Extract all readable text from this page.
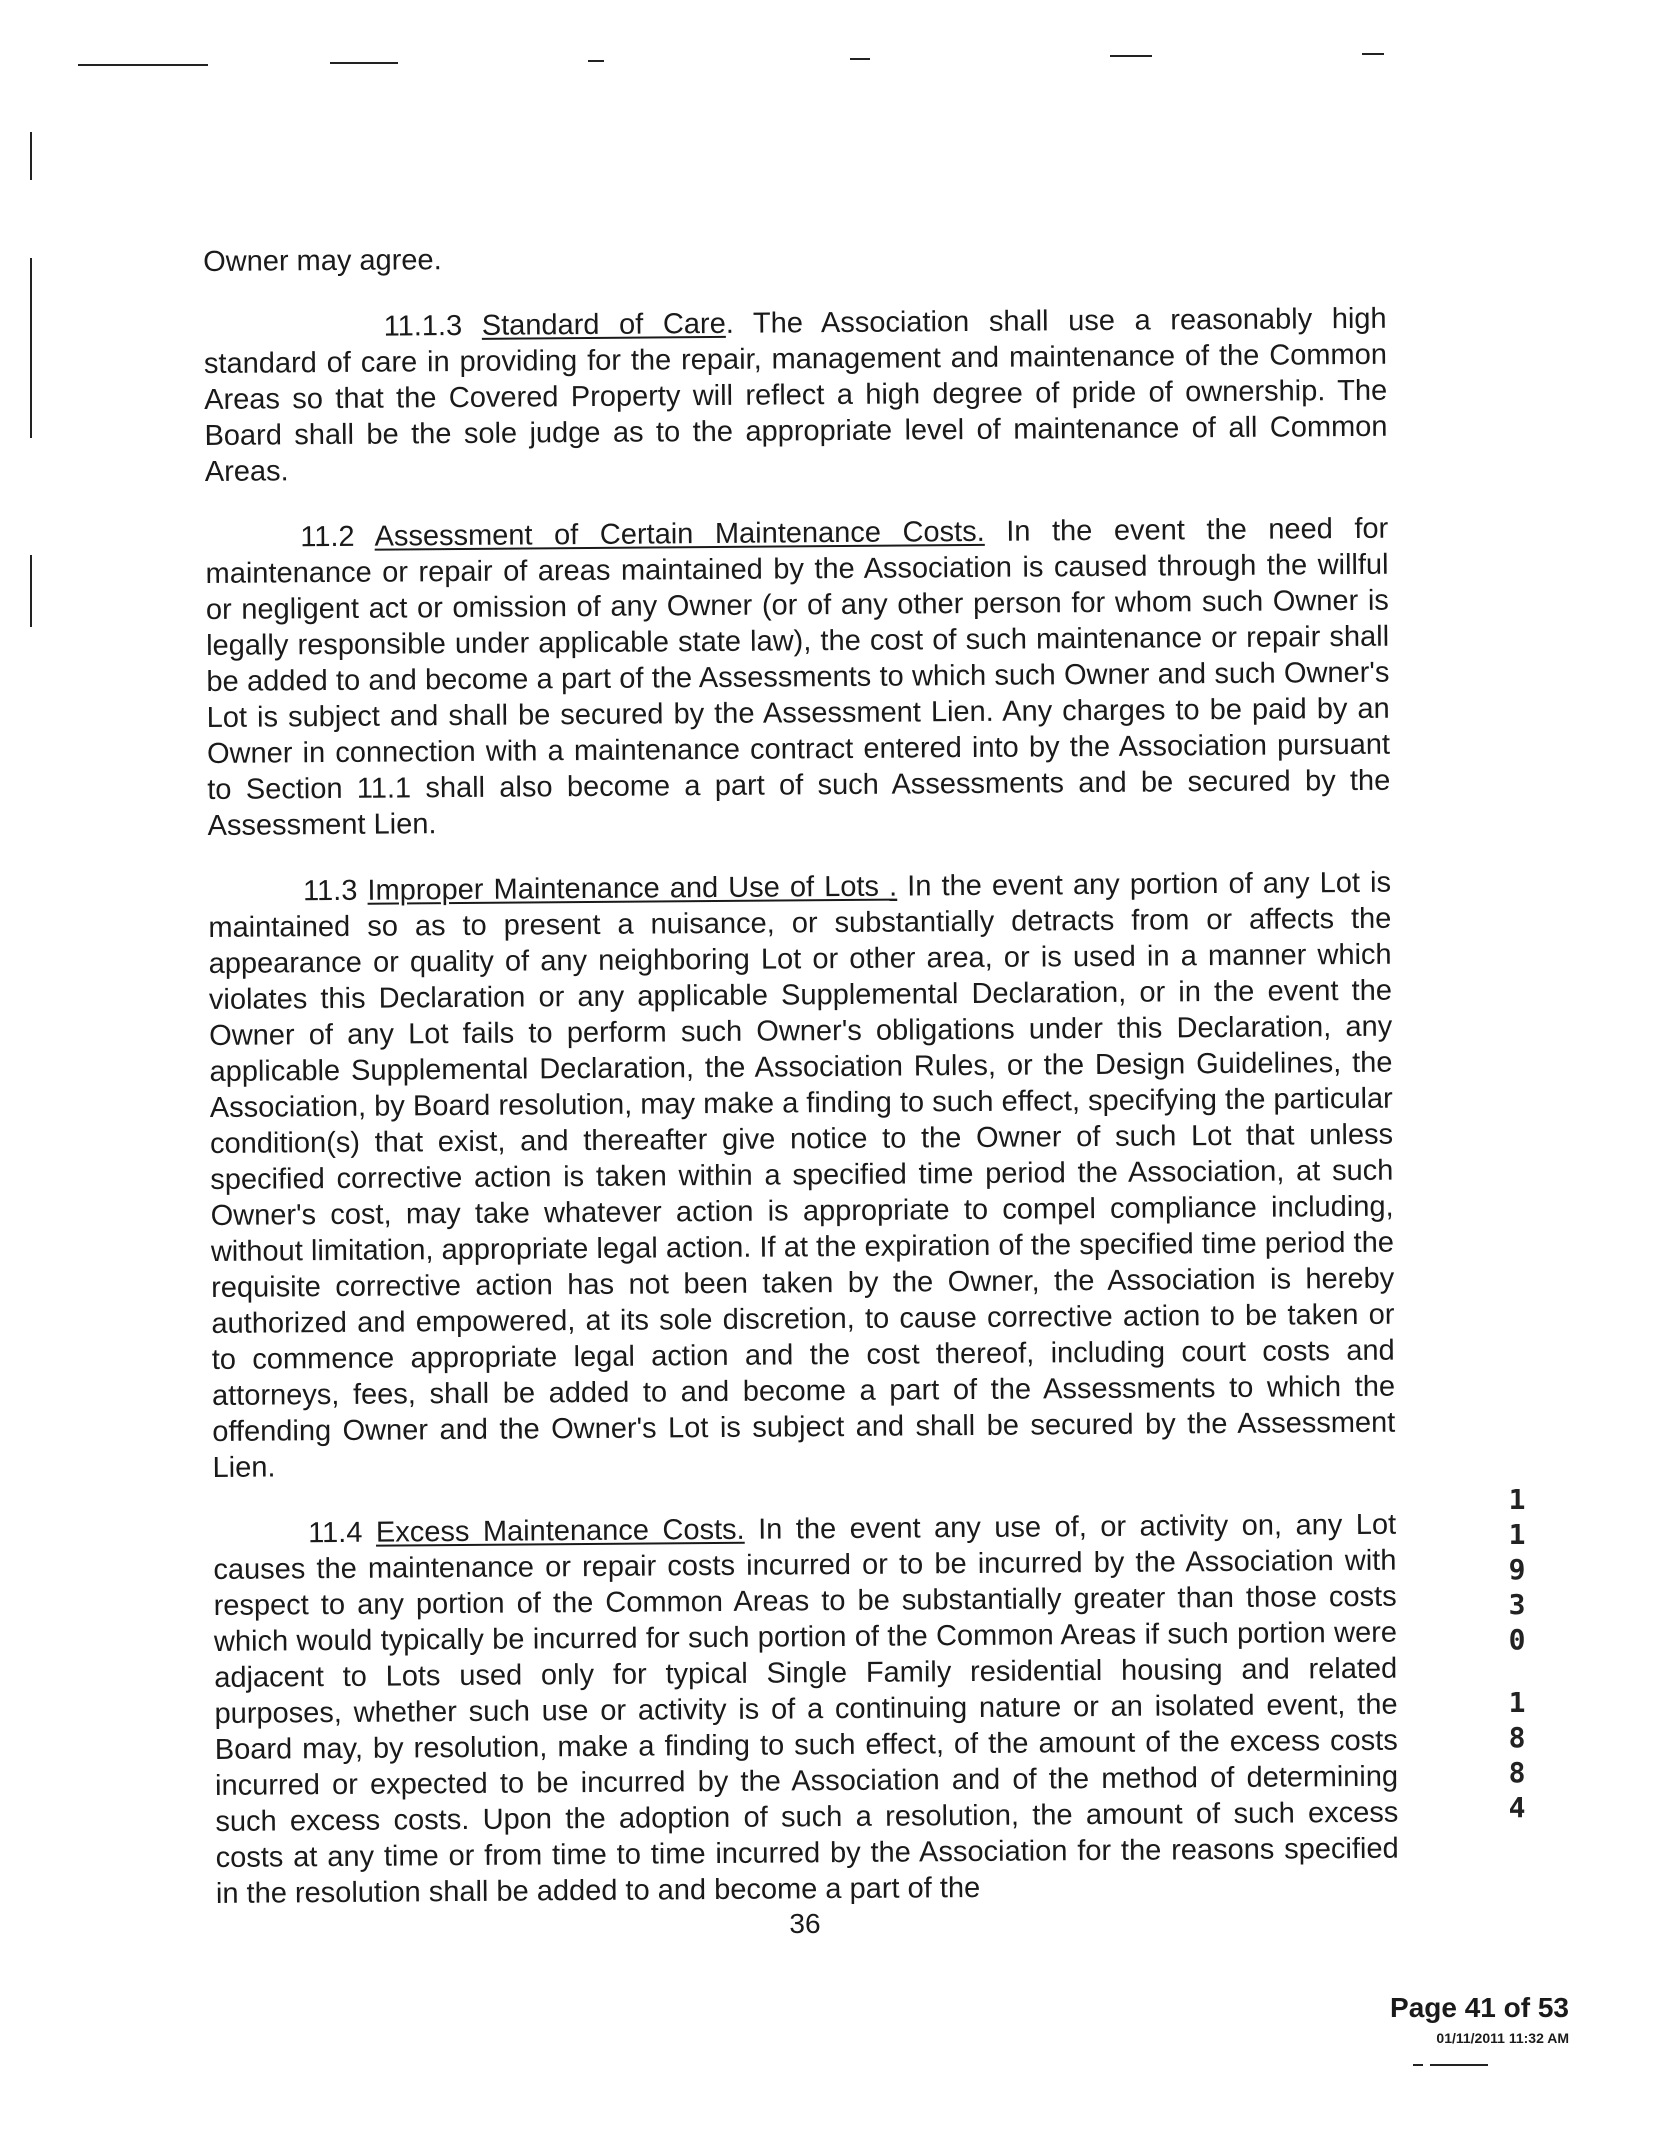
Owner may agree.

11.1.3 Standard of Care. The Association shall use a reasonably high standard of care in providing for the repair, management and maintenance of the Common Areas so that the Covered Property will reflect a high degree of pride of ownership. The Board shall be the sole judge as to the appropriate level of maintenance of all Common Areas.

11.2 Assessment of Certain Maintenance Costs. In the event the need for maintenance or repair of areas maintained by the Association is caused through the willful or negligent act or omission of any Owner (or of any other person for whom such Owner is legally responsible under applicable state law), the cost of such maintenance or repair shall be added to and become a part of the Assessments to which such Owner and such Owner's Lot is subject and shall be secured by the Assessment Lien. Any charges to be paid by an Owner in connection with a maintenance contract entered into by the Association pursuant to Section 11.1 shall also become a part of such Assessments and be secured by the Assessment Lien.

11.3 Improper Maintenance and Use of Lots . In the event any portion of any Lot is maintained so as to present a nuisance, or substantially detracts from or affects the appearance or quality of any neighboring Lot or other area, or is used in a manner which violates this Declaration or any applicable Supplemental Declaration, or in the event the Owner of any Lot fails to perform such Owner's obligations under this Declaration, any applicable Supplemental Declaration, the Association Rules, or the Design Guidelines, the Association, by Board resolution, may make a finding to such effect, specifying the particular condition(s) that exist, and thereafter give notice to the Owner of such Lot that unless specified corrective action is taken within a specified time period the Association, at such Owner's cost, may take whatever action is appropriate to compel compliance including, without limitation, appropriate legal action. If at the expiration of the specified time period the requisite corrective action has not been taken by the Owner, the Association is hereby authorized and empowered, at its sole discretion, to cause corrective action to be taken or to commence appropriate legal action and the cost thereof, including court costs and attorneys, fees, shall be added to and become a part of the Assessments to which the offending Owner and the Owner's Lot is subject and shall be secured by the Assessment Lien.

11.4 Excess Maintenance Costs. In the event any use of, or activity on, any Lot causes the maintenance or repair costs incurred or to be incurred by the Association with respect to any portion of the Common Areas to be substantially greater than those costs which would typically be incurred for such portion of the Common Areas if such portion were adjacent to Lots used only for typical Single Family residential housing and related purposes, whether such use or activity is of a continuing nature or an isolated event, the Board may, by resolution, make a finding to such effect, of the amount of the excess costs incurred or expected to be incurred by the Association and of the method of determining such excess costs. Upon the adoption of such a resolution, the amount of such excess costs at any time or from time to time incurred by the Association for the reasons specified in the resolution shall be added to and become a part of the

1
1
9
3
0
1
8
8
4
36
Page 41 of 53
01/11/2011 11:32 AM
